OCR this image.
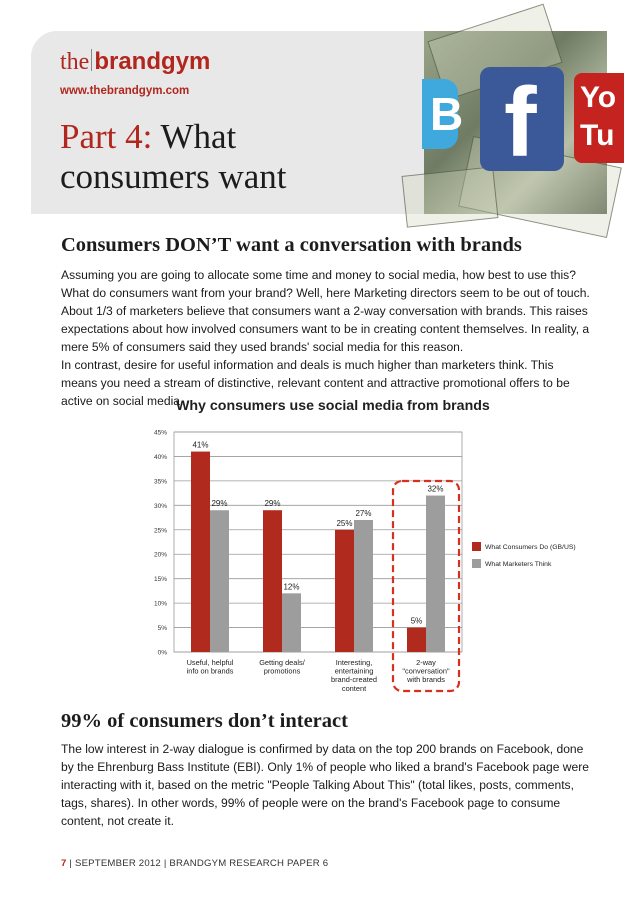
B f Yo
Tu
the brandgym
www.thebrandgym.com
Part 4: What
consumers want
Consumers DON’T want a conversation with brands

Assuming you are going to allocate some time and money to social media, how best to use this? What do consumers want from your brand? Well, here Marketing directors seem to be out of touch. About 1/3 of marketers believe that consumers want a 2-way conversation with brands. This raises expectations about how involved consumers want to be in creating content themselves. In reality, a mere 5% of consumers said they used brands' social media for this reason.

In contrast, desire for useful information and deals is much higher than marketers think. This means you need a stream of distinctive, relevant content and attractive promotional offers to be active on social media.

Why consumers use social media from brands

0%
5%
10%
15%
20%
25%
30%
35%
40%
45%
41%
29%
Useful, helpful
info on brands
29%
12%
Getting deals/
promotions
25%
27%
Interesting,
entertaining
brand-created
content
5%
32%
2-way
"conversation"
with brands
What Consumers Do (GB/US)
What Marketers Think
99% of consumers don’t interact

The low interest in 2-way dialogue is confirmed by data on the top 200 brands on Facebook, done by the Ehrenburg Bass Institute (EBI). Only 1% of people who liked a brand's Facebook page were interacting with it, based on the metric "People Talking About This" (total likes, posts, comments, tags, shares). In other words, 99% of people were on the brand's Facebook page to consume content, not create it.

7 | SEPTEMBER 2012 | BRANDGYM RESEARCH PAPER 6
